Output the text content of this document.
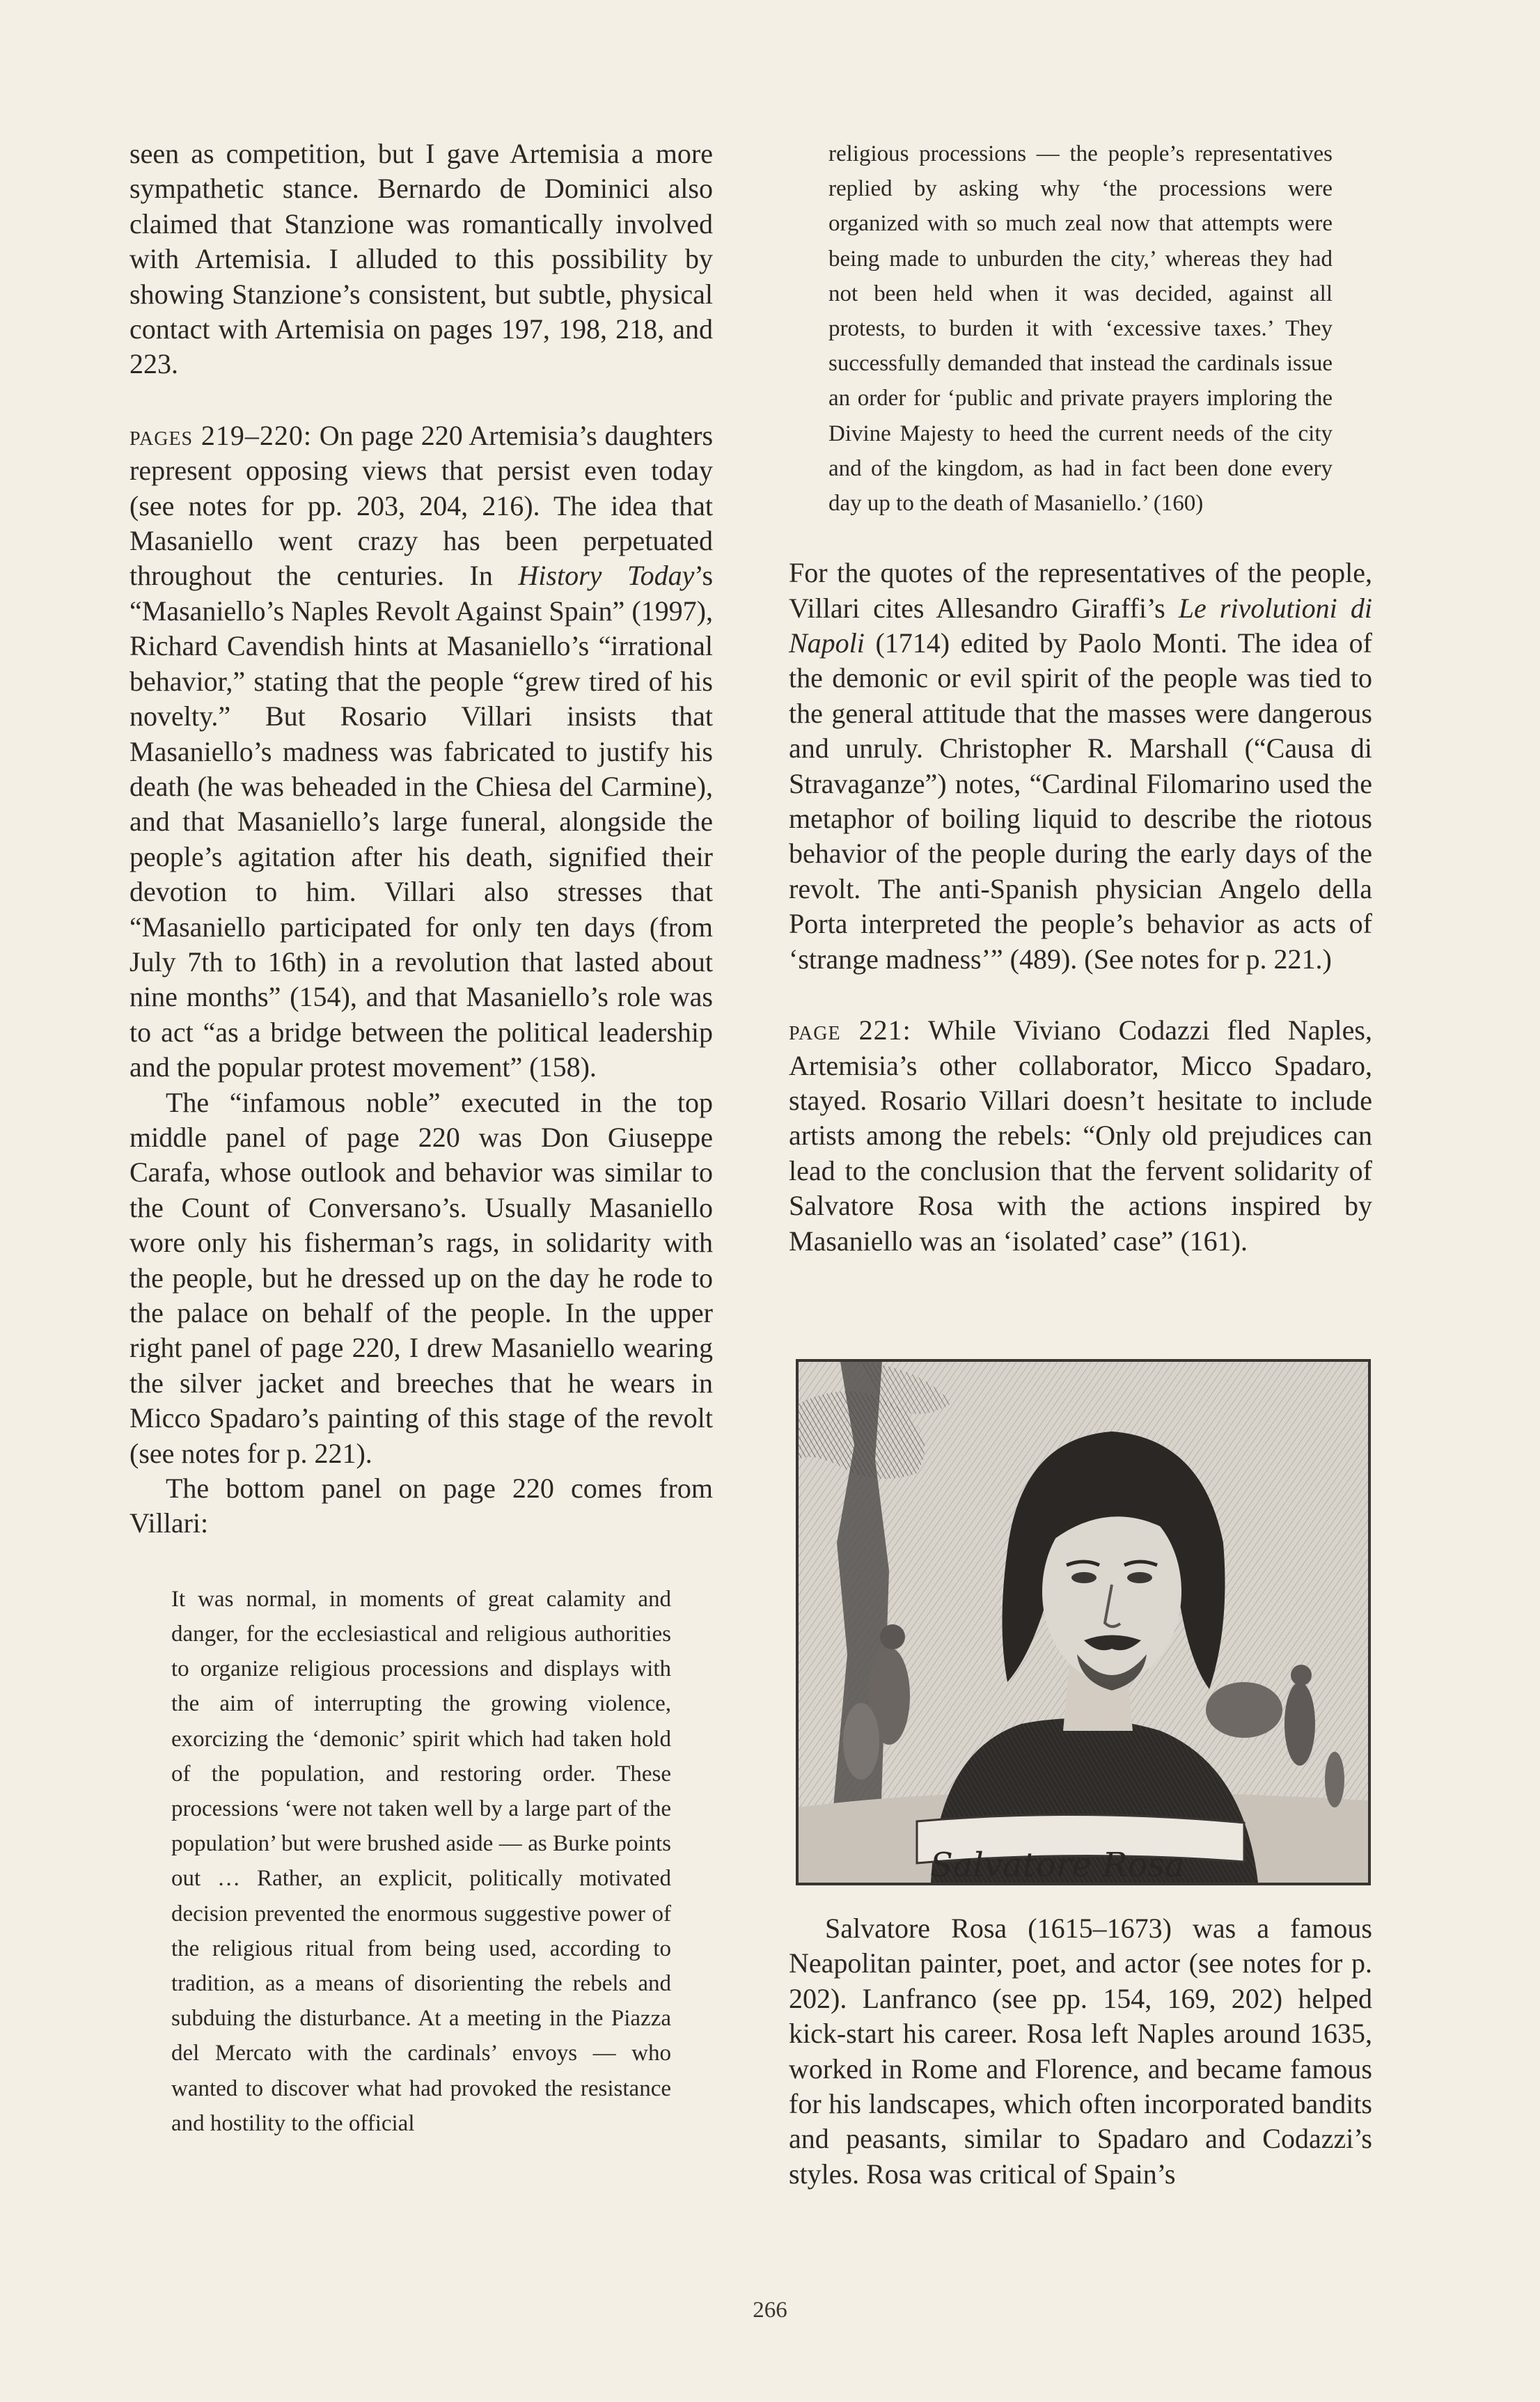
seen as competition, but I gave Artemisia a more sympathetic stance. Bernardo de Dominici also claimed that Stanzione was romantically involved with Artemisia. I alluded to this possibility by showing Stanzione’s consistent, but subtle, physical contact with Artemisia on pages 197, 198, 218, and 223.

pages 219–220: On page 220 Artemisia’s daughters represent opposing views that persist even today (see notes for pp. 203, 204, 216). The idea that Masaniello went crazy has been perpetuated throughout the centuries. In History Today’s “Masaniello’s Naples Revolt Against Spain” (1997), Richard Cavendish hints at Masaniello’s “irrational behavior,” stating that the people “grew tired of his novelty.” But Rosario Villari insists that Masaniello’s madness was fabricated to justify his death (he was beheaded in the Chiesa del Carmine), and that Masaniello’s large funeral, alongside the people’s agitation after his death, signified their devotion to him. Villari also stresses that “Masaniello participated for only ten days (from July 7th to 16th) in a revolution that lasted about nine months” (154), and that Masaniello’s role was to act “as a bridge between the political leadership and the popular protest movement” (158).

The “infamous noble” executed in the top middle panel of page 220 was Don Giuseppe Carafa, whose outlook and behavior was similar to the Count of Conversano’s. Usually Masaniello wore only his fisherman’s rags, in solidarity with the people, but he dressed up on the day he rode to the palace on behalf of the people. In the upper right panel of page 220, I drew Masaniello wearing the silver jacket and breeches that he wears in Micco Spadaro’s painting of this stage of the revolt (see notes for p. 221).

The bottom panel on page 220 comes from Villari:

It was normal, in moments of great calamity and danger, for the ecclesiastical and religious authorities to organize religious processions and displays with the aim of interrupting the growing violence, exorcizing the ‘demonic’ spirit which had taken hold of the population, and restoring order. These processions ‘were not taken well by a large part of the population’ but were brushed aside — as Burke points out … Rather, an explicit, politically motivated decision prevented the enormous suggestive power of the religious ritual from being used, according to tradition, as a means of disorienting the rebels and subduing the disturbance. At a meeting in the Piazza del Mercato with the cardinals’ envoys — who wanted to discover what had provoked the resistance and hostility to the official

religious processions — the people’s representatives replied by asking why ‘the processions were organized with so much zeal now that attempts were being made to unburden the city,’ whereas they had not been held when it was decided, against all protests, to burden it with ‘excessive taxes.’ They successfully demanded that instead the cardinals issue an order for ‘public and private prayers imploring the Divine Majesty to heed the current needs of the city and of the kingdom, as had in fact been done every day up to the death of Masaniello.’ (160)

For the quotes of the representatives of the people, Villari cites Allesandro Giraffi’s Le rivolutioni di Napoli (1714) edited by Paolo Monti. The idea of the demonic or evil spirit of the people was tied to the general attitude that the masses were dangerous and unruly. Christopher R. Marshall (“Causa di Stravaganze”) notes, “Cardinal Filomarino used the metaphor of boiling liquid to describe the riotous behavior of the people during the early days of the revolt. The anti-Spanish physician Angelo della Porta interpreted the people’s behavior as acts of ‘strange madness’” (489). (See notes for p. 221.)

page 221: While Viviano Codazzi fled Naples, Artemisia’s other collaborator, Micco Spadaro, stayed. Rosario Villari doesn’t hesitate to include artists among the rebels: “Only old prejudices can lead to the conclusion that the fervent solidarity of Salvatore Rosa with the actions inspired by Masaniello was an ‘isolated’ case” (161).

Salvatore Rosa

Salvatore Rosa (1615–1673) was a famous Neapolitan painter, poet, and actor (see notes for p. 202). Lanfranco (see pp. 154, 169, 202) helped kick-start his career. Rosa left Naples around 1635, worked in Rome and Florence, and became famous for his landscapes, which often incorporated bandits and peasants, similar to Spadaro and Codazzi’s styles. Rosa was critical of Spain’s

266
